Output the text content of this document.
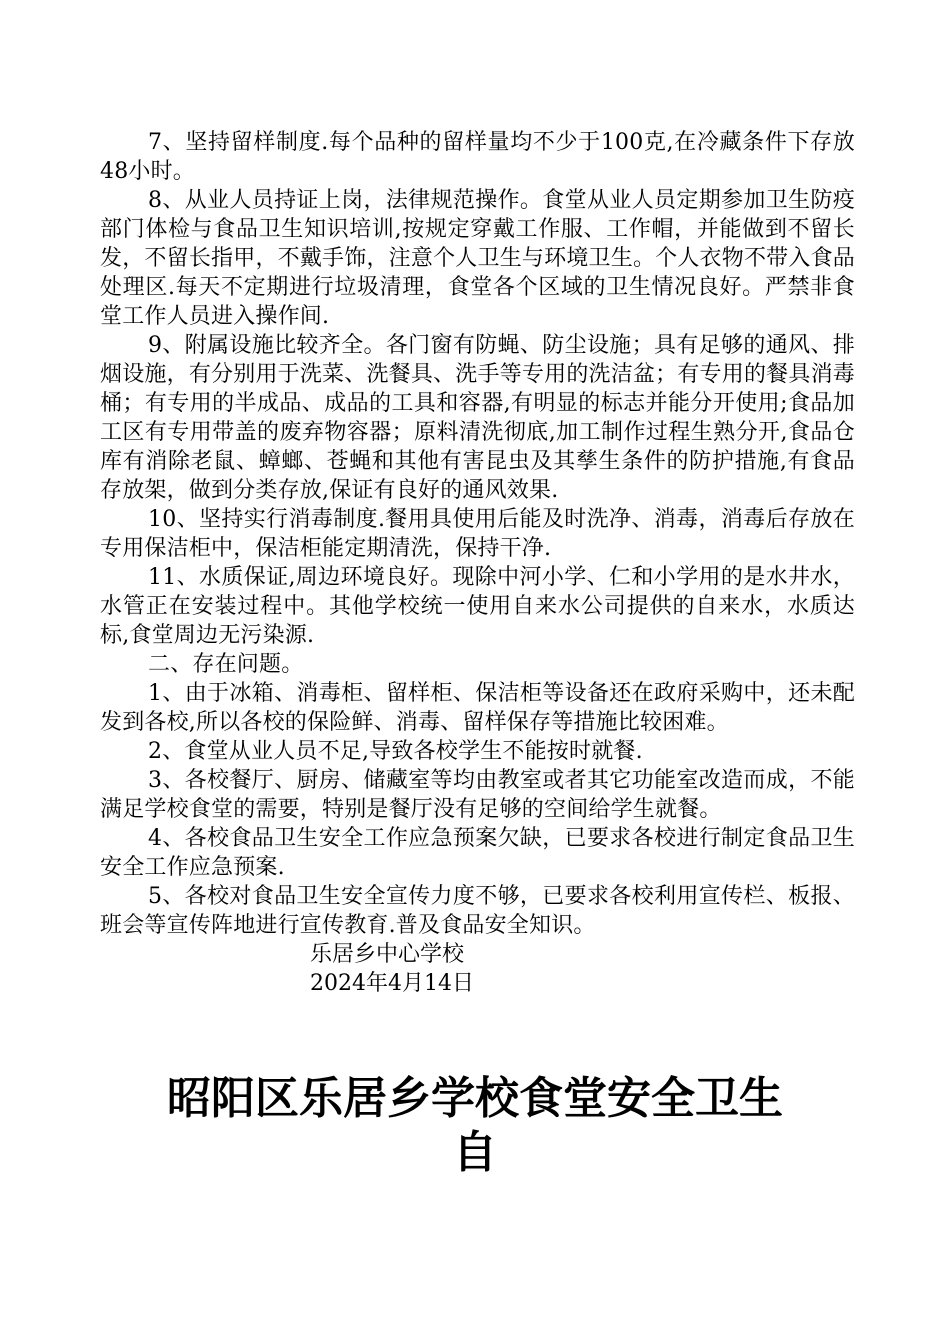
7、坚持留样制度.每个品种的留样量均不少于100克,在冷藏条件下存放48小时。

8、从业人员持证上岗，法律规范操作。食堂从业人员定期参加卫生防疫部门体检与食品卫生知识培训,按规定穿戴工作服、工作帽，并能做到不留长发，不留长指甲，不戴手饰，注意个人卫生与环境卫生。个人衣物不带入食品处理区.每天不定期进行垃圾清理，食堂各个区域的卫生情况良好。严禁非食堂工作人员进入操作间.

9、附属设施比较齐全。各门窗有防蝇、防尘设施；具有足够的通风、排烟设施，有分别用于洗菜、洗餐具、洗手等专用的洗洁盆；有专用的餐具消毒桶；有专用的半成品、成品的工具和容器,有明显的标志并能分开使用;食品加工区有专用带盖的废弃物容器；原料清洗彻底,加工制作过程生熟分开,食品仓库有消除老鼠、蟑螂、苍蝇和其他有害昆虫及其孳生条件的防护措施,有食品存放架，做到分类存放,保证有良好的通风效果.

10、坚持实行消毒制度.餐用具使用后能及时洗净、消毒，消毒后存放在专用保洁柜中，保洁柜能定期清洗，保持干净.

11、水质保证,周边环境良好。现除中河小学、仁和小学用的是水井水，水管正在安装过程中。其他学校统一使用自来水公司提供的自来水，水质达标,食堂周边无污染源.

二、存在问题。

1、由于冰箱、消毒柜、留样柜、保洁柜等设备还在政府采购中，还未配发到各校,所以各校的保险鲜、消毒、留样保存等措施比较困难。

2、食堂从业人员不足,导致各校学生不能按时就餐.

3、各校餐厅、厨房、储藏室等均由教室或者其它功能室改造而成，不能满足学校食堂的需要，特别是餐厅没有足够的空间给学生就餐。

4、各校食品卫生安全工作应急预案欠缺，已要求各校进行制定食品卫生安全工作应急预案.

5、各校对食品卫生安全宣传力度不够，已要求各校利用宣传栏、板报、班会等宣传阵地进行宣传教育.普及食品安全知识。

乐居乡中心学校

2024年4月14日

昭阳区乐居乡学校食堂安全卫生
自
